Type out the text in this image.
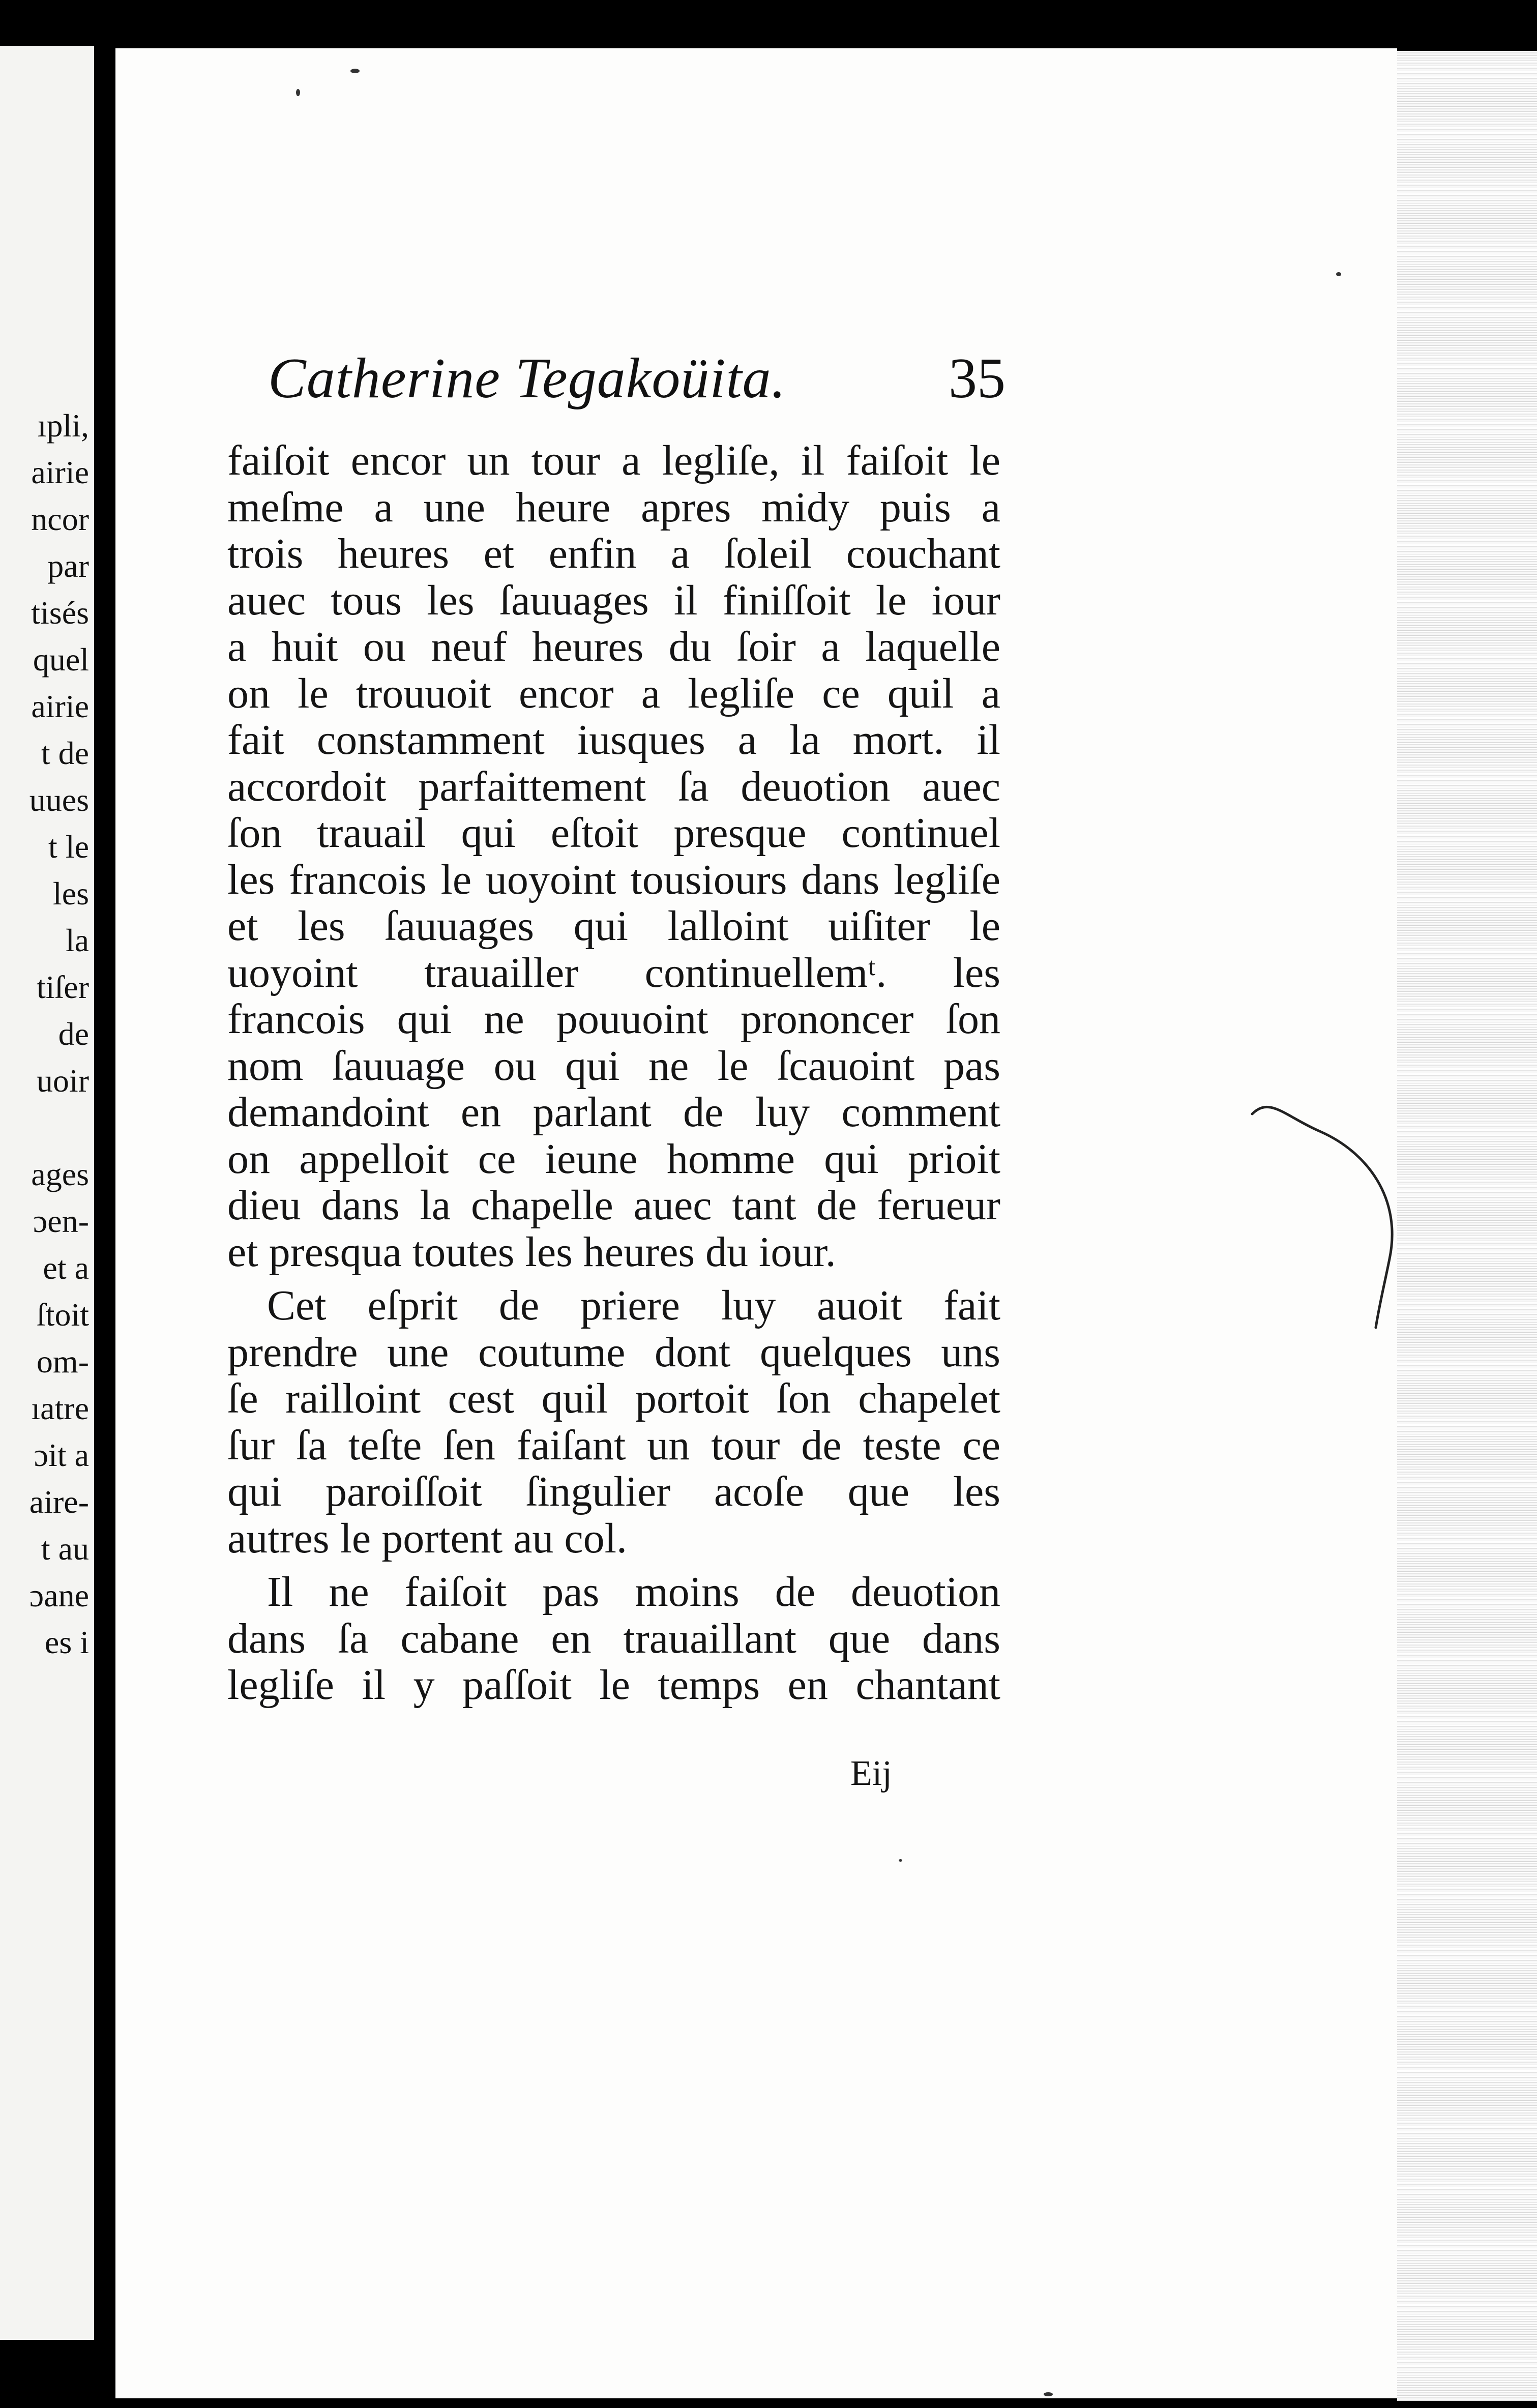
ıpli,
airie
ncor
par
tisés
quel
airie
t de
uues
t le
les
la
tiſer
de
uoir
ages
ɔen-
et a
ſtoit
om-
ıatre
ɔit a
aire-
t au
ɔane
es i
Catherine Tegakoüita.	35
faiſoit encor un tour a legliſe, il faiſoit le
meſme a une heure apres midy puis a
trois heures et enfin a ſoleil couchant
auec tous les ſauuages il finiſſoit le iour
a huit ou neuf heures du ſoir a laquelle
on le trouuoit encor a legliſe ce quil a
fait constamment iusques a la mort. il
accordoit parfaittement ſa deuotion auec
ſon trauail qui eſtoit presque continuel
les francois le uoyoint tousiours dans legliſe
et les ſauuages qui lalloint uiſiter le
uoyoint trauailler continuellemᵗ. les
francois qui ne pouuoint prononcer ſon
nom ſauuage ou qui ne le ſcauoint pas
demandoint en parlant de luy comment
on appelloit ce ieune homme qui prioit
dieu dans la chapelle auec tant de ferueur
et presqua toutes les heures du iour.
Cet eſprit de priere luy auoit fait
prendre une coutume dont quelques uns
ſe railloint cest quil portoit ſon chapelet
ſur ſa teſte ſen faiſant un tour de teste ce
qui paroiſſoit ſingulier acoſe que les
autres le portent au col.
Il ne faiſoit pas moins de deuotion
dans ſa cabane en trauaillant que dans
legliſe il y paſſoit le temps en chantant
Eij
